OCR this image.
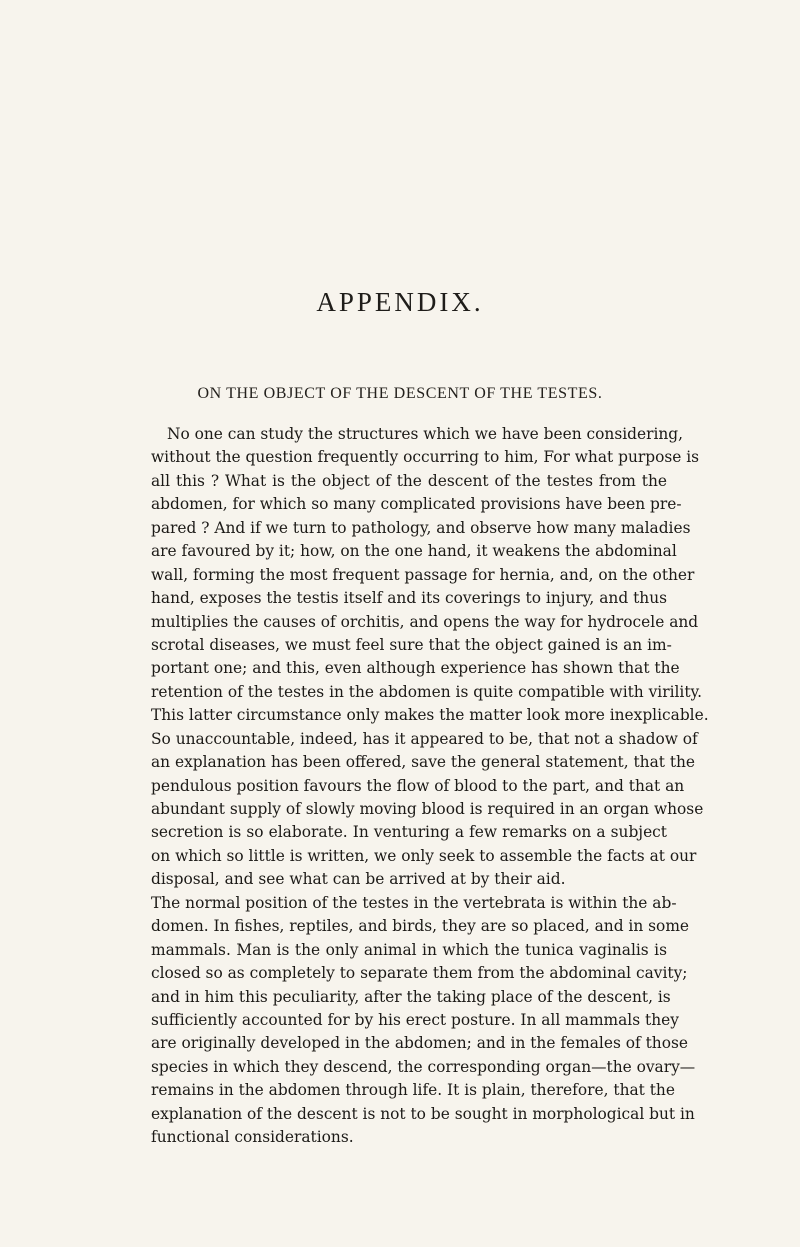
APPENDIX.
ON THE OBJECT OF THE DESCENT OF THE TESTES.
No one can study the structures which we have been considering,
without the question frequently occurring to him, For what purpose is
all this ? What is the object of the descent of the testes from the
abdomen, for which so many complicated provisions have been pre-
pared ? And if we turn to pathology, and observe how many maladies
are favoured by it; how, on the one hand, it weakens the abdominal
wall, forming the most frequent passage for hernia, and, on the other
hand, exposes the testis itself and its coverings to injury, and thus
multiplies the causes of orchitis, and opens the way for hydrocele and
scrotal diseases, we must feel sure that the object gained is an im-
portant one; and this, even although experience has shown that the
retention of the testes in the abdomen is quite compatible with virility.
This latter circumstance only makes the matter look more inexplicable.
So unaccountable, indeed, has it appeared to be, that not a shadow of
an explanation has been offered, save the general statement, that the
pendulous position favours the flow of blood to the part, and that an
abundant supply of slowly moving blood is required in an organ whose
secretion is so elaborate. In venturing a few remarks on a subject
on which so little is written, we only seek to assemble the facts at our
disposal, and see what can be arrived at by their aid.
The normal position of the testes in the vertebrata is within the ab-
domen. In fishes, reptiles, and birds, they are so placed, and in some
mammals. Man is the only animal in which the tunica vaginalis is
closed so as completely to separate them from the abdominal cavity;
and in him this peculiarity, after the taking place of the descent, is
sufficiently accounted for by his erect posture. In all mammals they
are originally developed in the abdomen; and in the females of those
species in which they descend, the corresponding organ—the ovary—
remains in the abdomen through life. It is plain, therefore, that the
explanation of the descent is not to be sought in morphological but in
functional considerations.
